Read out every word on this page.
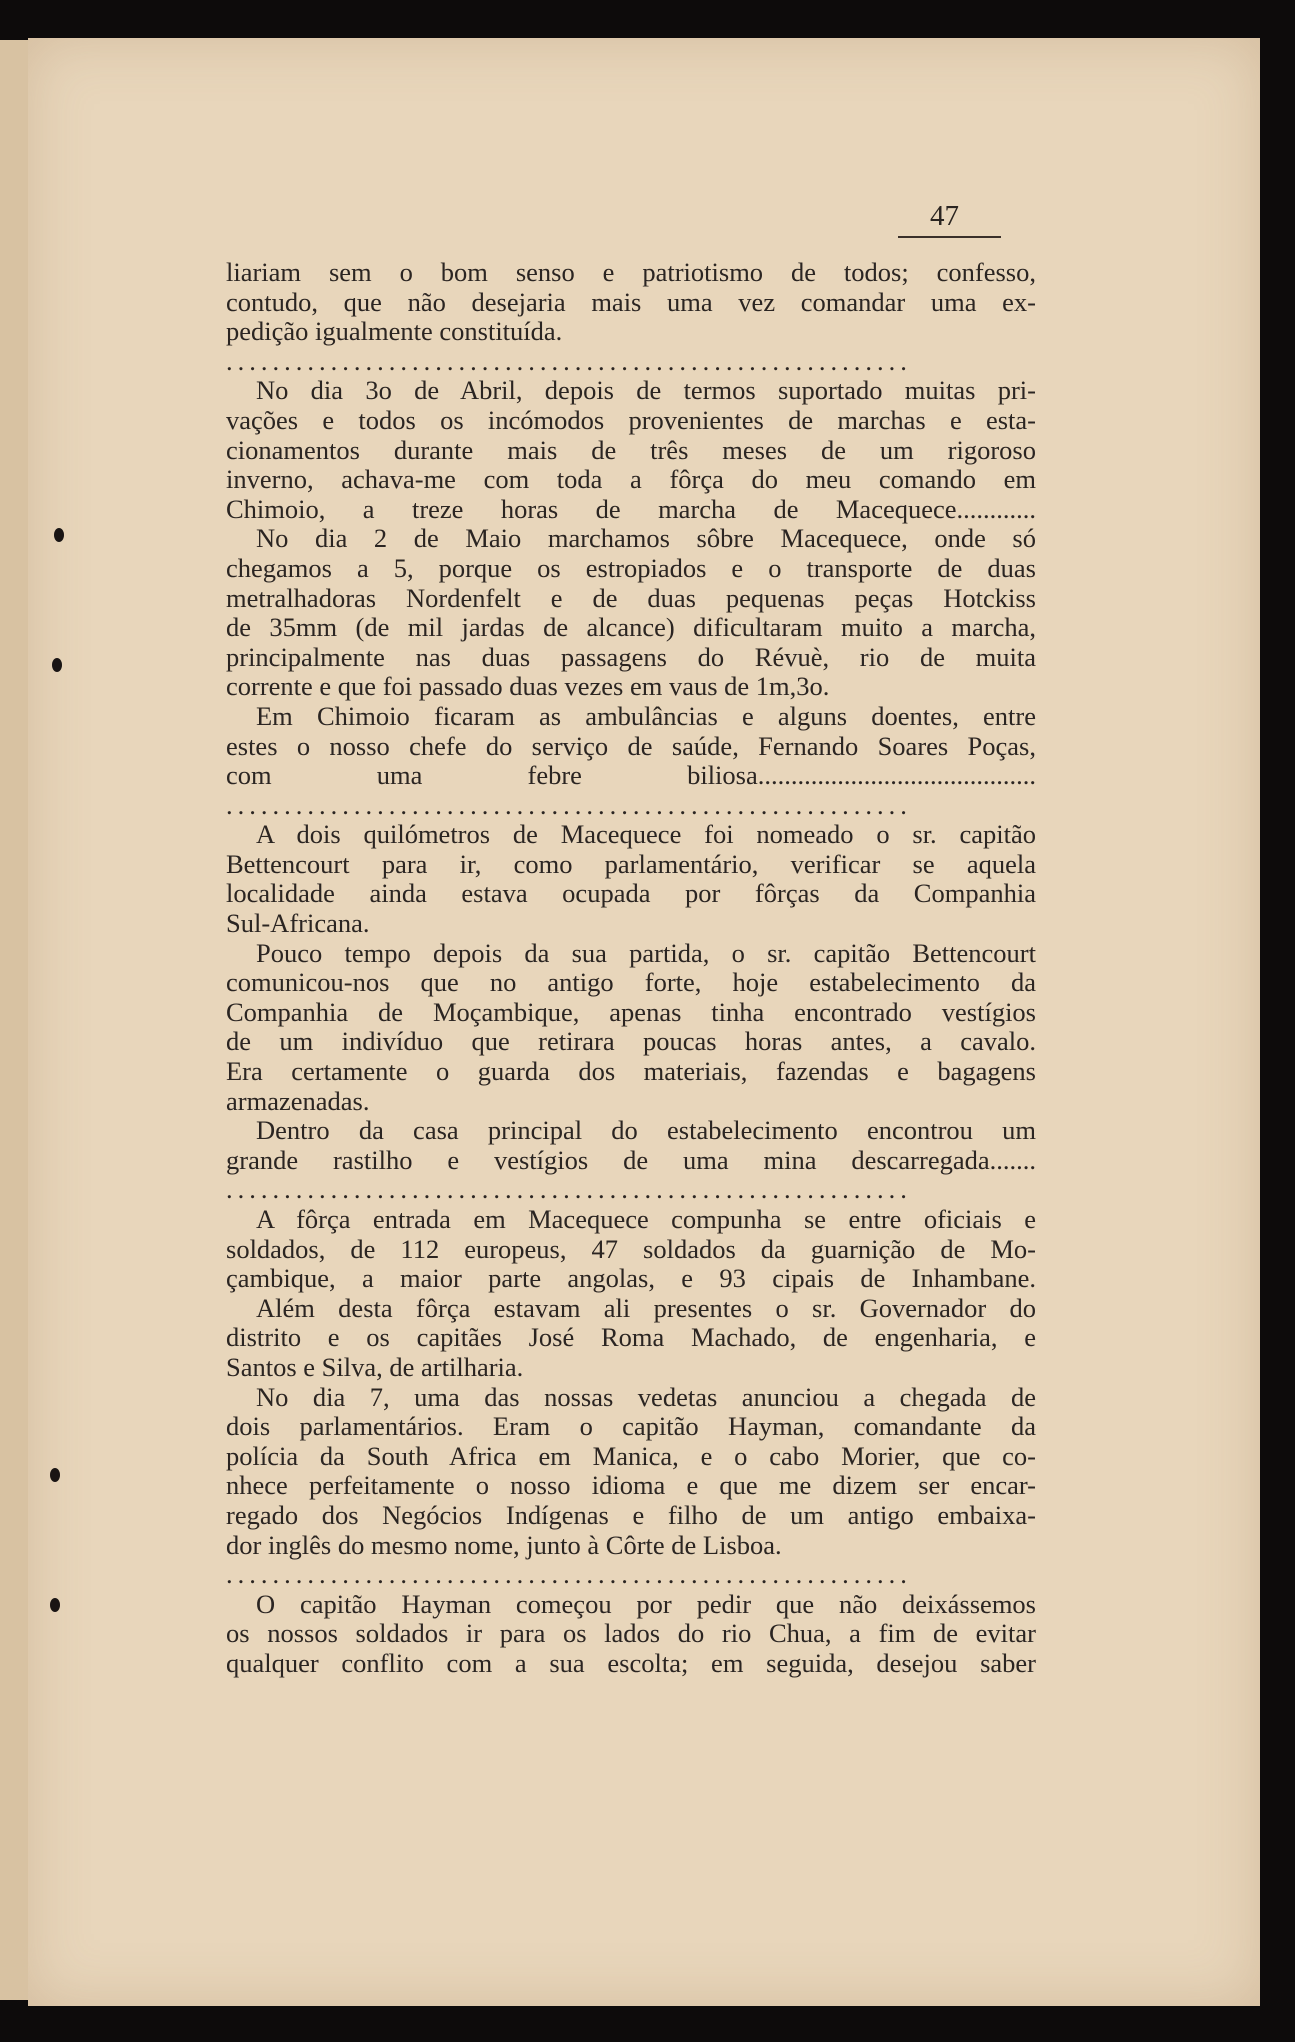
47
liariam sem o bom senso e patriotismo de todos; confesso,
contudo, que não desejaria mais uma vez comandar uma ex-
pedição igualmente constituída.
...........................................................
No dia 3o de Abril, depois de termos suportado muitas pri-
vações e todos os incómodos provenientes de marchas e esta-
cionamentos durante mais de três meses de um rigoroso
inverno, achava-me com toda a fôrça do meu comando em
Chimoio, a treze horas de marcha de Macequece............
No dia 2 de Maio marchamos sôbre Macequece, onde só
chegamos a 5, porque os estropiados e o transporte de duas
metralhadoras Nordenfelt e de duas pequenas peças Hotckiss
de 35mm (de mil jardas de alcance) dificultaram muito a marcha,
principalmente nas duas passagens do Révuè, rio de muita
corrente e que foi passado duas vezes em vaus de 1m,3o.
Em Chimoio ficaram as ambulâncias e alguns doentes, entre
estes o nosso chefe do serviço de saúde, Fernando Soares Poças,
com uma febre biliosa..........................................
...........................................................
A dois quilómetros de Macequece foi nomeado o sr. capitão
Bettencourt para ir, como parlamentário, verificar se aquela
localidade ainda estava ocupada por fôrças da Companhia
Sul-Africana.
Pouco tempo depois da sua partida, o sr. capitão Bettencourt
comunicou-nos que no antigo forte, hoje estabelecimento da
Companhia de Moçambique, apenas tinha encontrado vestígios
de um indivíduo que retirara poucas horas antes, a cavalo.
Era certamente o guarda dos materiais, fazendas e bagagens
armazenadas.
Dentro da casa principal do estabelecimento encontrou um
grande rastilho e vestígios de uma mina descarregada.......
...........................................................
A fôrça entrada em Macequece compunha se entre oficiais e
soldados, de 112 europeus, 47 soldados da guarnição de Mo-
çambique, a maior parte angolas, e 93 cipais de Inhambane.
Além desta fôrça estavam ali presentes o sr. Governador do
distrito e os capitães José Roma Machado, de engenharia, e
Santos e Silva, de artilharia.
No dia 7, uma das nossas vedetas anunciou a chegada de
dois parlamentários. Eram o capitão Hayman, comandante da
polícia da South Africa em Manica, e o cabo Morier, que co-
nhece perfeitamente o nosso idioma e que me dizem ser encar-
regado dos Negócios Indígenas e filho de um antigo embaixa-
dor inglês do mesmo nome, junto à Côrte de Lisboa.
...........................................................
O capitão Hayman começou por pedir que não deixássemos
os nossos soldados ir para os lados do rio Chua, a fim de evitar
qualquer conflito com a sua escolta; em seguida, desejou saber
